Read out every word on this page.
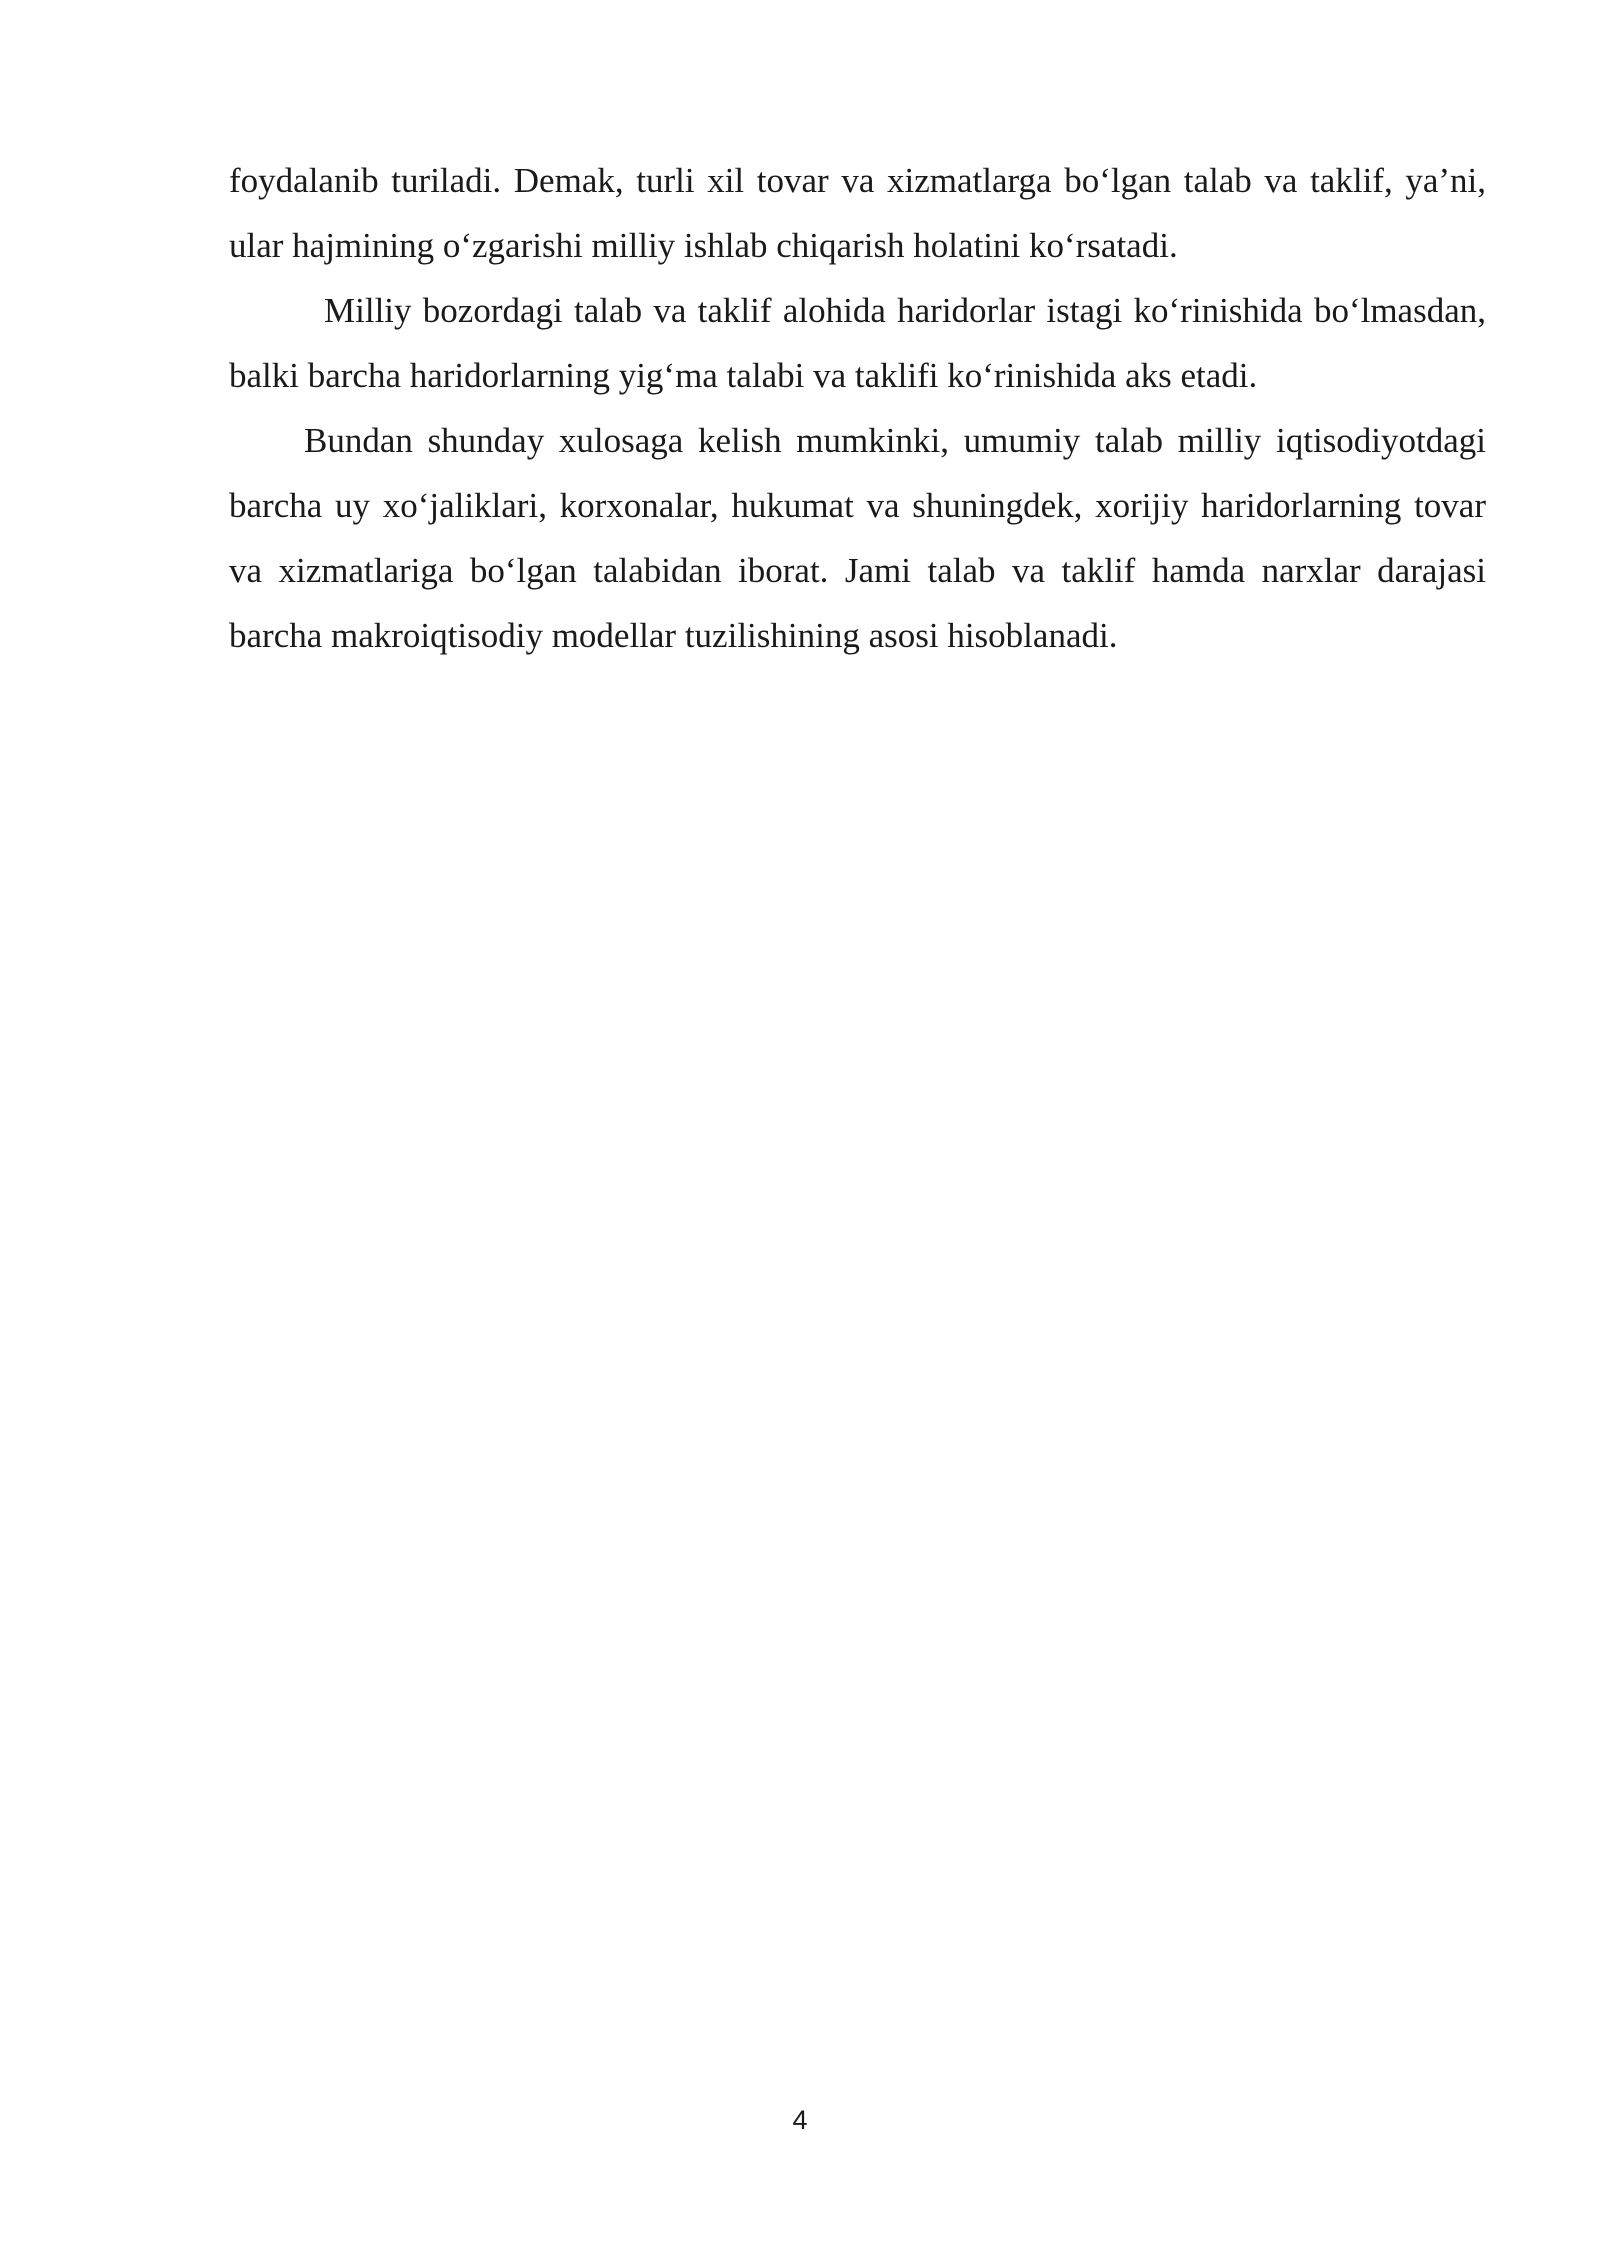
foydalanib turiladi. Demak, turli xil tovar va xizmatlarga bo‘lgan talab va taklif, ya’ni, ular hajmining o‘zgarishi milliy ishlab chiqarish holatini ko‘rsatadi.

Milliy bozordagi talab va taklif alohida haridorlar istagi ko‘rinishida bo‘lmasdan, balki barcha haridorlarning yig‘ma talabi va taklifi ko‘rinishida aks etadi.

Bundan shunday xulosaga kelish mumkinki, umumiy talab milliy iqtisodiyotdagi barcha uy xo‘jaliklari, korxonalar, hukumat va shuningdek, xorijiy haridorlarning tovar va xizmatlariga bo‘lgan talabidan iborat. Jami talab va taklif hamda narxlar darajasi barcha makroiqtisodiy modellar tuzilishining asosi hisoblanadi.

4
